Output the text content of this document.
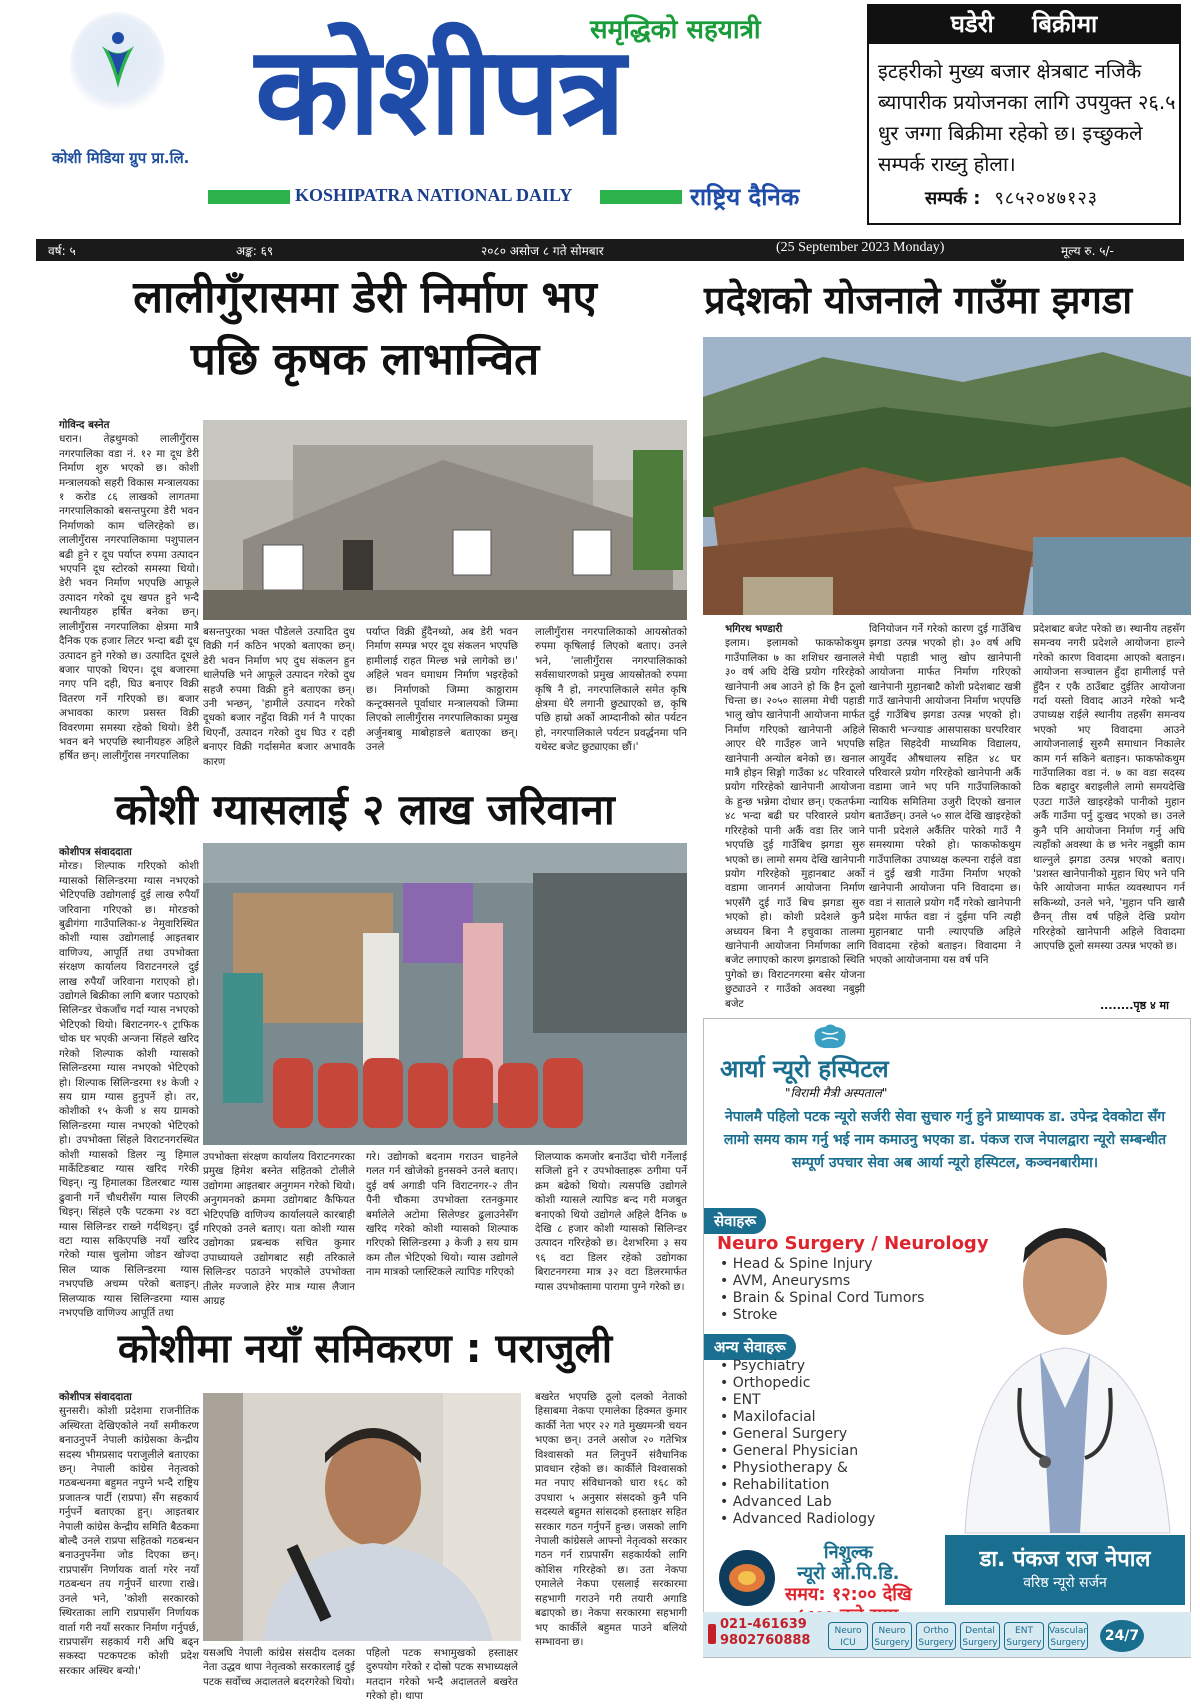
कोशी मिडिया ग्रुप प्रा.लि.
समृद्धिको सहयात्री
कोशीपत्र
KOSHIPATRA NATIONAL DAILY	राष्ट्रिय दैनिक
घडेरी बिक्रीमा
इटहरीको मुख्य बजार क्षेत्रबाट नजिकै ब्यापारीक प्रयोजनका लागि उपयुक्त २६.५ धुर जग्गा बिक्रीमा रहेको छ। इच्छुकले सम्पर्क राख्नु होला।
सम्पर्क : ९८५२०४७१२३
वर्ष: ५	अङ्क: ६९	२०८० असोज ८ गते सोमबार	(25 September 2023 Monday)	मूल्य रु. ५/-
लालीगुँरासमा डेरी निर्माण भए
पछि कृषक लाभान्वित
गोविन्द बस्नेत
धरान। तेह्रथुमको लालीगुँरास नगरपालिका वडा नं. १२ मा दूध डेरी निर्माण शुरु भएको छ। कोशी मन्त्रालयको सहरी विकास मन्त्रालयका १ करोड ८६ लाखको लागतमा नगरपालिकाको बसन्तपुरमा डेरी भवन निर्माणको काम चलिरहेको छ। लालीगुँरास नगरपालिकामा पशुपालन बढी हुने र दूध पर्याप्त रुपमा उत्पादन भएपनि दूध स्टोरको समस्या थियो। डेरी भवन निर्माण भएपछि आफूले उत्पादन गरेको दूध खपत हुने भन्दै स्थानीयहरु हर्षित बनेका छन्। लालीगुँरास नगरपालिका क्षेत्रमा मात्रै दैनिक एक हजार लिटर भन्दा बढी दूध उत्पादन हुने गरेको छ। उत्पादित दूधले बजार पाएको थिएन। दूध बजारमा नगए पनि दही, घिउ बनाएर विक्री वितरण गर्ने गरिएको छ। बजार अभावका कारण प्रसस्त विक्री विवरणमा समस्या रहेको थियो। डेरी भवन बने भएपछि स्थानीयहरु अहिले हर्षित छन्। लालीगुँरास नगरपालिका
बसन्तपुरका भक्त पौडेलले उत्पादित दुध विक्री गर्न कठिन भएको बताएका छन्। डेरी भवन निर्माण भए दुध संकलन हुन थालेपछि भने आफूले उत्पादन गरेको दुध सहजै रुपमा विक्री हुने बताएका छन्। उनी भन्छन्, 'हामीले उत्पादन गरेको दूधको बजार नहुँदा विक्री गर्न नै पाएका थिएनौं, उत्पादन गरेको दुध घिउ र दही बनाएर विक्री गर्दासमेत बजार अभावकै कारण
पर्याप्त विक्री हुँदैनथ्यो, अब डेरी भवन निर्माण सम्पन्न भएर दूध संकलन भएपछि हामीलाई राहत मिल्छ भन्ने लागेको छ।' अहिले भवन धमाधम निर्माण भइरहेको छ। निर्माणको जिम्मा काठ्ठाराम कन्ट्रक्सनले पूर्वाधार मन्त्रालयको जिम्मा लिएको लालीगुँरास नगरपालिकाका प्रमुख अर्जुनबाबु माबोहाङले बताएका छन्। उनले
लालीगुँरास नगरपालिकाको आयस्रोतको रुपमा कृषिलाई लिएको बताए। उनले भने, 'लालीगुँरास नगरपालिकाको सर्वसाधारणको प्रमुख आयस्रोतको रुपमा कृषि नै हो, नगरपालिकाले समेत कृषि क्षेत्रमा धेरै लगानी छुट्याएको छ, कृषि पछि हाम्रो अर्को आम्दानीको स्रोत पर्यटन हो, नगरपालिकाले पर्यटन प्रवर्द्धनमा पनि यथेस्ट बजेट छुट्याएका छौं।'
प्रदेशको योजनाले गाउँमा झगडा
भगिरथ भण्डारी
इलाम। इलामको फाकफोकथुम गाउँपालिका ७ का शशिधर खनालले ३० वर्ष अघि देखि प्रयोग गरिरहेको खानेपानी अब आउने हो कि हैन ठूलो चिन्ता छ। २०५० सालमा मेची पहाडी भालु खोप खानेपानी आयोजना मार्फत निर्माण गरिएको खानेपानी अहिले आएर धेरै गाउँहरु जाने भएपछि खानेपानी अन्योल बनेको छ। खनाल मात्रै होइन सिङ्गो गाउँका ४८ परिवारले प्रयोग गरिरहेको खानेपानी आयोजना के हुन्छ भन्नेमा दोधार छन्। एकतर्फमा ४८ भन्दा बढी घर परिवारले प्रयोग गरिरहेको पानी अर्कै वडा तिर जाने भएपछि दुई गाउँबिच झगडा सुरु भएको छ। लामो समय देखि खानेपानी प्रयोग गरिरहेको मुहानबाट अर्को वडामा जानगर्न आयोजना निर्माण भएसँगै दुई गाउँ बिच झगडा सुरु भएको हो। कोशी प्रदेशले कुनै अध्ययन बिना नै हचुवाका तालमा खानेपानी आयोजना निर्माणका लागि बजेट लगाएको कारण झगडाको स्थिति पुगेको छ। विराटनगरमा बसेर योजना छुट्याउने र गाउँको अवस्था नबुझी बजेट
विनियोजन गर्ने गरेको कारण दुई गाउँबिच झगडा उत्पन्न भएको हो। ३० वर्ष अघि मेची पहाडी भालु खोप खानेपानी आयोजना मार्फत निर्माण गरिएको खानेपानी मुहानबाटै कोशी प्रदेशबाट खत्री गाउँ खानेपानी आयोजना निर्माण भएपछि दुई गाउँबिच झगडा उत्पन्न भएको हो। सिकारी भन्ज्याङ आसपासका घरपरिवार सहित सिहदेवी माध्यमिक विद्यालय, आयुर्वेद औषधालय सहित ४८ घर परिवारले प्रयोग गरिरहेको खानेपानी अर्कै वडामा जाने भए पनि गाउँपालिकाको न्यायिक समितिमा उजुरी दिएको खनाल बताउँछन्। उनले ५० साल देखि खाइरहेको पानी प्रदेशले अर्कैतिर पारेको गाउँ नै समस्यामा परेको हो। फाकफोकथुम गाउँपालिका उपाध्यक्ष कल्पना राईले वडा नं दुई खत्री गाउँमा निर्माण भएको खानेपानी आयोजना पनि विवादमा छ। वडा नं साताले प्रयोग गर्दै गरेको खानेपानी प्रदेश मार्फत वडा नं दुईमा पनि त्यही मुहानबाट पानी ल्याएपछि अहिले विवादमा रहेको बताइन। विवादमा ने भएको आयोजनामा यस वर्ष पनि
प्रदेशबाट बजेट परेको छ। स्थानीय तहसँग समन्वय नगरी प्रदेशले आयोजना हाल्ने गरेको कारण विवादमा आएको बताइन। आयोजना सञ्चालन हुँदा हामीलाई पत्ते हुँदैन र एकै ठाउँबाट दुईतिर आयोजना गर्दा यस्तो विवाद आउने गरेको भन्दै उपाध्यक्ष राईले स्थानीय तहसँग समन्वय भएको भए विवादमा आउने आयोजनालाई सुरुमै समाधान निकालेर काम गर्न सकिने बताइन। फाकफोकथुम गाउँपालिका वडा नं. ७ का वडा सदस्य ठिक बहादुर बराइलीले लामो समयदेखि एउटा गाउँले खाइरहेको पानीको मुहान अर्कै गाउँमा पर्नु दुःखद भएको छ। उनले कुनै पनि आयोजना निर्माण गर्नु अघि त्यहाँको अवस्था के छ भनेर नबुझी काम थाल्नुले झगडा उत्पन्न भएको बताए। 'प्रशस्त खानेपानीको मुहान थिए भने पनि फेरि आयोजना मार्फत व्यवस्थापन गर्न सकिन्थ्यो, उनले भने, 'मुहान पनि खासै छैनन् तीस वर्ष पहिले देखि प्रयोग गरिरहेको खानेपानी अहिले विवादमा आएपछि ठूलो समस्या उत्पन्न भएको छ।
........पृष्ठ ४ मा
कोशी ग्यासलाई २ लाख जरिवाना
कोशीपत्र संवाददाता
मोरङ। शिल्पाक गरिएको कोशी ग्यासको सिलिन्डरमा ग्यास नभएको भेटिएपछि उद्योगलाई दुई लाख रुपैयाँ जरिवाना गरिएको छ। मोरङको बुढीगंगा गाउँपालिका-४ नेमुवारिस्थित कोशी ग्यास उद्योगलाई आइतबार वाणिज्य, आपूर्ति तथा उपभोक्ता संरक्षण कार्यालय विराटनगरले दुई लाख रुपैयाँ जरिवाना गराएको हो। उद्योगले बिक्रीका लागि बजार पठाएको सिलिन्डर चेकजाँच गर्दा ग्यास नभएको भेटिएको थियो। बिराटनगर-९ ट्राफिक चोक घर भएकी अन्जना सिंहले खरिद गरेको शिल्पाक कोशी ग्यासको सिलिन्डरमा ग्यास नभएको भेटिएको हो। शिल्पाक सिलिन्डरमा १४ केजी २ सय ग्राम ग्यास हुनुपर्ने हो। तर, कोशीको १५ केजी ४ सय ग्रामको सिलिन्डरमा ग्यास नभएको भेटिएको हो। उपभोक्ता सिंहले विराटनगरस्थित कोशी ग्यासको डिलर न्यु हिमाल मार्केटिङबाट ग्यास खरिद गरेकी थिइन्। न्यु हिमालका डिलरबाट ग्यास ढुवानी गर्ने चौधरीसँग ग्यास लिएकी थिइन्। सिंहले एकै पटकमा २४ वटा ग्यास सिलिन्डर राख्ने गर्दथिइन्। दुई वटा ग्यास सकिएपछि नयाँ खरिद गरेको ग्यास चुलोमा जोडन खोज्दा सिल प्याक सिलिन्डरमा ग्यास नभएपछि अचम्म परेको बताइन्। सिलप्याक ग्यास सिलिन्डरमा ग्यास नभएपछि वाणिज्य आपूर्ति तथा
उपभोक्ता संरक्षण कार्यालय विराटनगरका प्रमुख हिमेश बस्नेत सहितको टोलीले उद्योगमा आइतबार अनुगमन गरेको थियो। अनुगमनको क्रममा उद्योगबाट कैफियत भेटिएपछि वाणिज्य कार्यालयले कारबाही गरिएको उनले बताए। यता कोशी ग्यास उद्योगका प्रबन्धक सचित कुमार उपाध्यायले उद्योगबाट सही तरिकाले सिलिन्डर पठाउने भएकोले उपभोक्ता तीलेर मज्जाले हेरेर मात्र ग्यास लैजान आग्रह
गरे। उद्योगको बदनाम गराउन चाहनेले गलत गर्न खोजेको हुनसक्ने उनले बताए। दुई वर्ष अगाडी पनि विराटनगर-२ तीन पैनी चौकमा उपभोक्ता रतनकुमार बर्मालेले अटोमा सिलेण्डर ढुलाउनेसँग खरिद गरेको कोशी ग्यासको शिल्पाक गरिएको सिलिन्डरमा ३ केजी ३ सय ग्राम कम तौल भेटिएको थियो। ग्यास उद्योगले नाम मात्रको प्लास्टिकले त्यापिङ गरिएको
शिलप्याक कमजोर बनाउँदा चोरी गर्नेलाई सजिलो हुने र उपभोक्ताहरू ठगीमा पर्ने क्रम बढेको थियो। त्यसपछि उद्योगले कोशी ग्यासले त्यापिङ बन्द गरी मजबुत बनाएको थियो उद्योगले अहिले दैनिक ७ देखि ८ हजार कोशी ग्यासको सिलिन्डर उत्पादन गरिरहेको छ। देशभरिमा ३ सय ९६ वटा डिलर रहेको उद्योगका बिराटनगरमा मात्र ३२ वटा डिलरमार्फत ग्यास उपभोक्तामा पारामा पुग्ने गरेको छ।
कोशीमा नयाँ समिकरण : पराजुली
कोशीपत्र संवाददाता
सुनसरी। कोशी प्रदेशमा राजनीतिक अस्थिरता देखिएकोले नयाँ समीकरण बनाउनुपर्ने नेपाली कांग्रेसका केन्द्रीय सदस्य भीमप्रसाद पराजुलीले बताएका छन्। नेपाली कांग्रेस नेतृत्वको गठबन्धनमा बहुमत नपुग्ने भन्दै राष्ट्रिय प्रजातन्त्र पार्टी (राप्रपा) सँग सहकार्य गर्नुपर्ने बताएका हुन्। आइतबार नेपाली कांग्रेस केन्द्रीय समिति बैठकमा बोल्दै उनले राप्रपा सहितको गठबन्धन बनाउनुपर्नेमा जोड दिएका छन्। राप्रपासँग निर्णायक वार्ता गरेर नयाँ गठबन्धन तय गर्नुपर्ने धारणा राखे। उनले भने, 'कोशी सरकारको स्थिरताका लागि राप्रपासँग निर्णायक वार्ता गरी नयाँ सरकार निर्माण गर्नुपर्छ, राप्रपासँग सहकार्य गरी अघि बढ्न सकस्दा पटकपटक कोशी प्रदेश सरकार अस्थिर बन्यो।'
यसअघि नेपाली कांग्रेस संसदीय दलका नेता उद्धव थापा नेतृत्वको सरकारलाई दुई पटक सर्वोच्च अदालतले बदरगरेको थियो।
पहिलो पटक सभामुखको हस्ताक्षर दुरुपयोग गरेको र दोस्रो पटक सभाध्यक्षले मतदान गरेको भन्दै अदालतले बखरेत गरेको हो। थापा
बखरेत भएपछि ठूलो दलको नेताको हिसाबमा नेकपा एमालेका हिक्मत कुमार कार्की नेता भएर २२ गते मुख्यमन्त्री चयन भएका छन्। उनले असोज २० गतेभित्र विश्वासको मत लिनुपर्ने संवैधानिक प्रावधान रहेको छ। कार्कीले विश्वासको मत नपाए संविधानको धारा १६८ को उपधारा ५ अनुसार संसदको कुनै पनि सदस्यले बहुमत सांसदको हस्ताक्षर सहित सरकार गठन गर्नुपर्ने हुन्छ। जसको लागि नेपाली कांग्रेसले आफ्नो नेतृत्वको सरकार गठन गर्न राप्रपासँग सहकार्यको लागि कोशिस गरिरहेको छ। उता नेकपा एमालेले नेकपा एसलाई सरकारमा सहभागी गराउने गरी तयारी अगाडि बढाएको छ। नेकपा सरकारमा सहभागी भए कार्कीले बहुमत पाउने बलियो सम्भावना छ।
आर्या न्यूरो हस्पिटल
"विरामी मैत्री अस्पताल"
नेपालमै पहिलो पटक न्यूरो सर्जरी सेवा सुचारु गर्नु हुने प्राध्यापक डा. उपेन्द्र देवकोटा सँग लामो समय काम गर्नु भई नाम कमाउनु भएका डा. पंकज राज नेपालद्वारा न्यूरो सम्बन्धीत सम्पूर्ण उपचार सेवा अब आर्या न्यूरो हस्पिटल, कञ्चनबारीमा।
सेवाहरू
Neuro Surgery / Neurology
• Head & Spine Injury
• AVM, Aneurysms
• Brain & Spinal Cord Tumors
• Stroke
अन्य सेवाहरू
• Psychiatry
• Orthopedic
• ENT
• Maxilofacial
• General Surgery
• General Physician
• Physiotherapy &
• Rehabilitation
• Advanced Lab
• Advanced Radiology
निशुल्क
न्यूरो ओ.पि.डि.
समय: १२:०० देखि
डा. पंकज राज नेपाल
वरिष्ठ न्यूरो सर्जन
021-461639
9802760888
Neuro ICU
Neuro Surgery
Ortho Surgery
Dental Surgery
ENT Surgery
Vascular Surgery	24/7
